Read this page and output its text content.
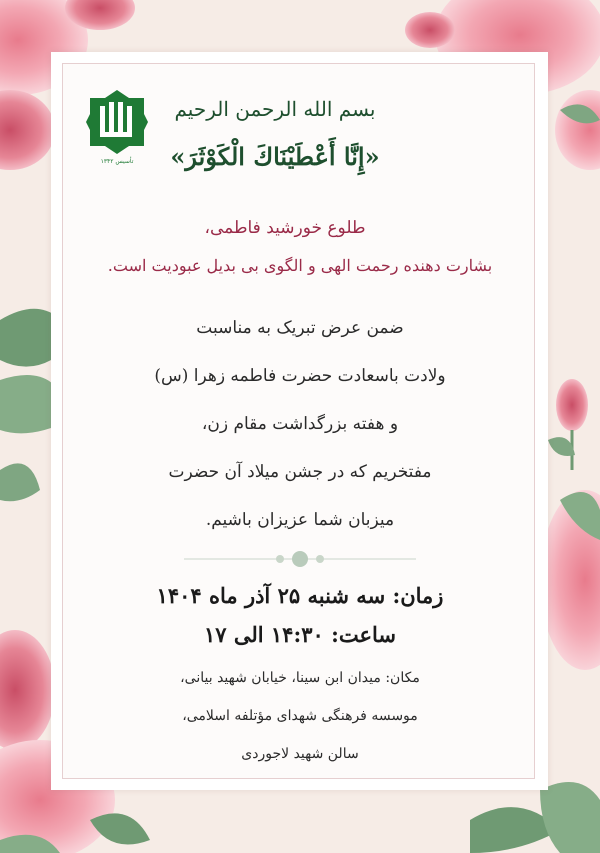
تأسیس ۱۳۴۲
بسم الله الرحمن الرحیم
«إِنَّا أَعْطَيْنَاكَ الْكَوْثَرَ»
طلوع خورشید فاطمی،
بشارت دهنده رحمت الهی و الگوی بی بدیل عبودیت است.
ضمن عرض تبریک به مناسبت
ولادت باسعادت حضرت فاطمه زهرا (س)
و هفته بزرگداشت مقام زن،
مفتخریم که در جشن میلاد آن حضرت
میزبان شما عزیزان باشیم.
زمان: سه شنبه ۲۵ آذر ماه ۱۴۰۴
ساعت: ۱۴:۳۰ الی ۱۷
مکان: میدان ابن سینا، خیابان شهید بیانی،
موسسه فرهنگی شهدای مؤتلفه اسلامی،
سالن شهید لاجوردی
